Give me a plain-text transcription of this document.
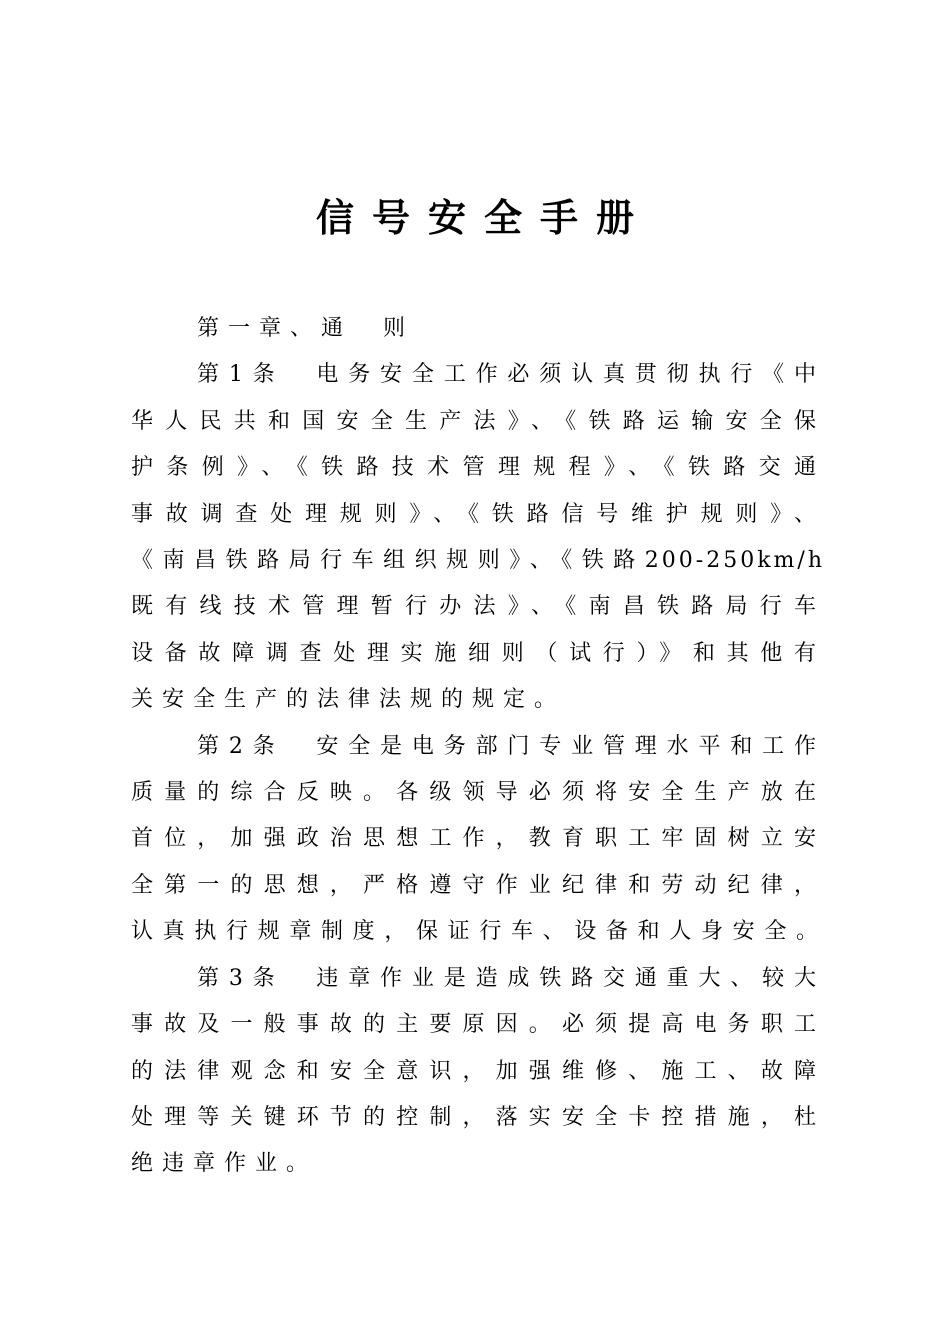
信号安全手册

第一章、通　则

第1条　电务安全工作必须认真贯彻执行《中
华人民共和国安全生产法》、《铁路运输安全保
护条例》、《铁路技术管理规程》、《铁路交通
事故调查处理规则》、《铁路信号维护规则》、
《南昌铁路局行车组织规则》、《铁路200-250km/h
既有线技术管理暂行办法》、《南昌铁路局行车
设备故障调查处理实施细则（试行）》和其他有
关安全生产的法律法规的规定。
第2条　安全是电务部门专业管理水平和工作
质量的综合反映。各级领导必须将安全生产放在
首位，加强政治思想工作，教育职工牢固树立安
全第一的思想，严格遵守作业纪律和劳动纪律，
认真执行规章制度，保证行车、设备和人身安全。
第3条　违章作业是造成铁路交通重大、较大
事故及一般事故的主要原因。必须提高电务职工
的法律观念和安全意识，加强维修、施工、故障
处理等关键环节的控制，落实安全卡控措施，杜
绝违章作业。
